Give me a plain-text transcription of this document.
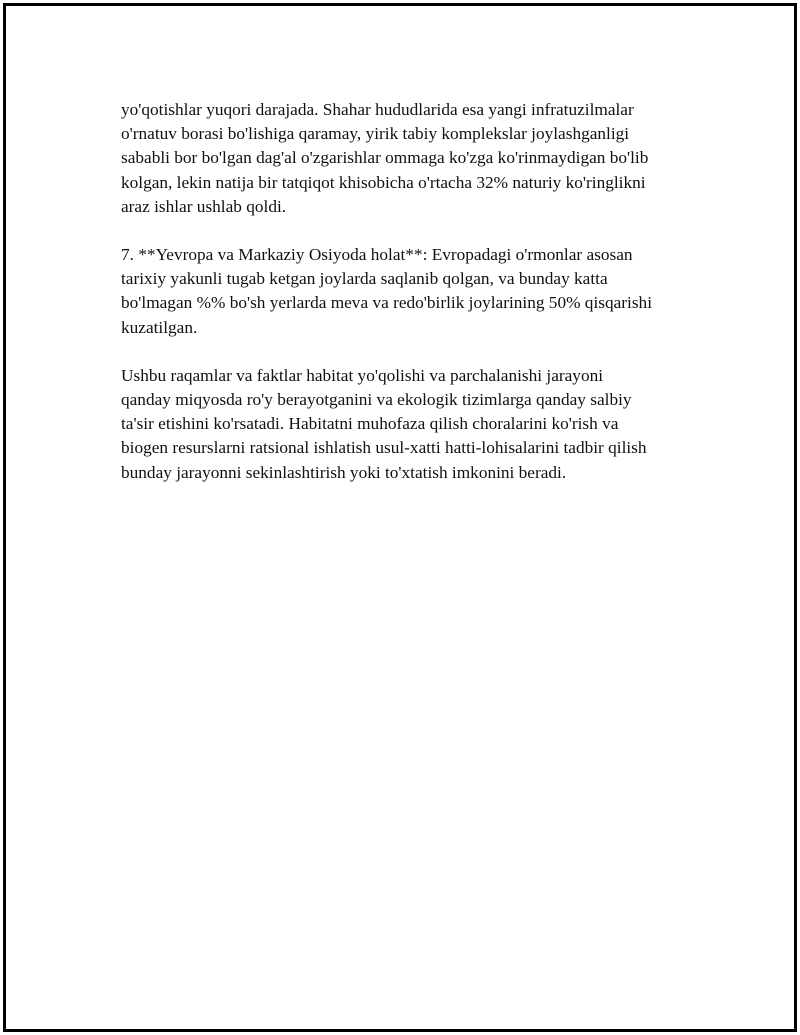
yo'qotishlar yuqori darajada. Shahar hududlarida esa yangi infratuzilmalar
o'rnatuv borasi bo'lishiga qaramay, yirik tabiy komplekslar joylashganligi
sababli bor bo'lgan dag'al o'zgarishlar ommaga ko'zga ko'rinmaydigan bo'lib
kolgan, lekin natija bir tatqiqot khisobicha o'rtacha 32% naturiy ko'ringlikni
araz ishlar ushlab qoldi.

7. **Yevropa va Markaziy Osiyoda holat**: Evropadagi o'rmonlar asosan
tarixiy yakunli tugab ketgan joylarda saqlanib qolgan, va bunday katta
bo'lmagan %% bo'sh yerlarda meva va redo'birlik joylarining 50% qisqarishi
kuzatilgan.

Ushbu raqamlar va faktlar habitat yo'qolishi va parchalanishi jarayoni
qanday miqyosda ro'y berayotganini va ekologik tizimlarga qanday salbiy
ta'sir etishini ko'rsatadi. Habitatni muhofaza qilish choralarini ko'rish va
biogen resurslarni ratsional ishlatish usul-xatti hatti-lohisalarini tadbir qilish
bunday jarayonni sekinlashtirish yoki to'xtatish imkonini beradi.
